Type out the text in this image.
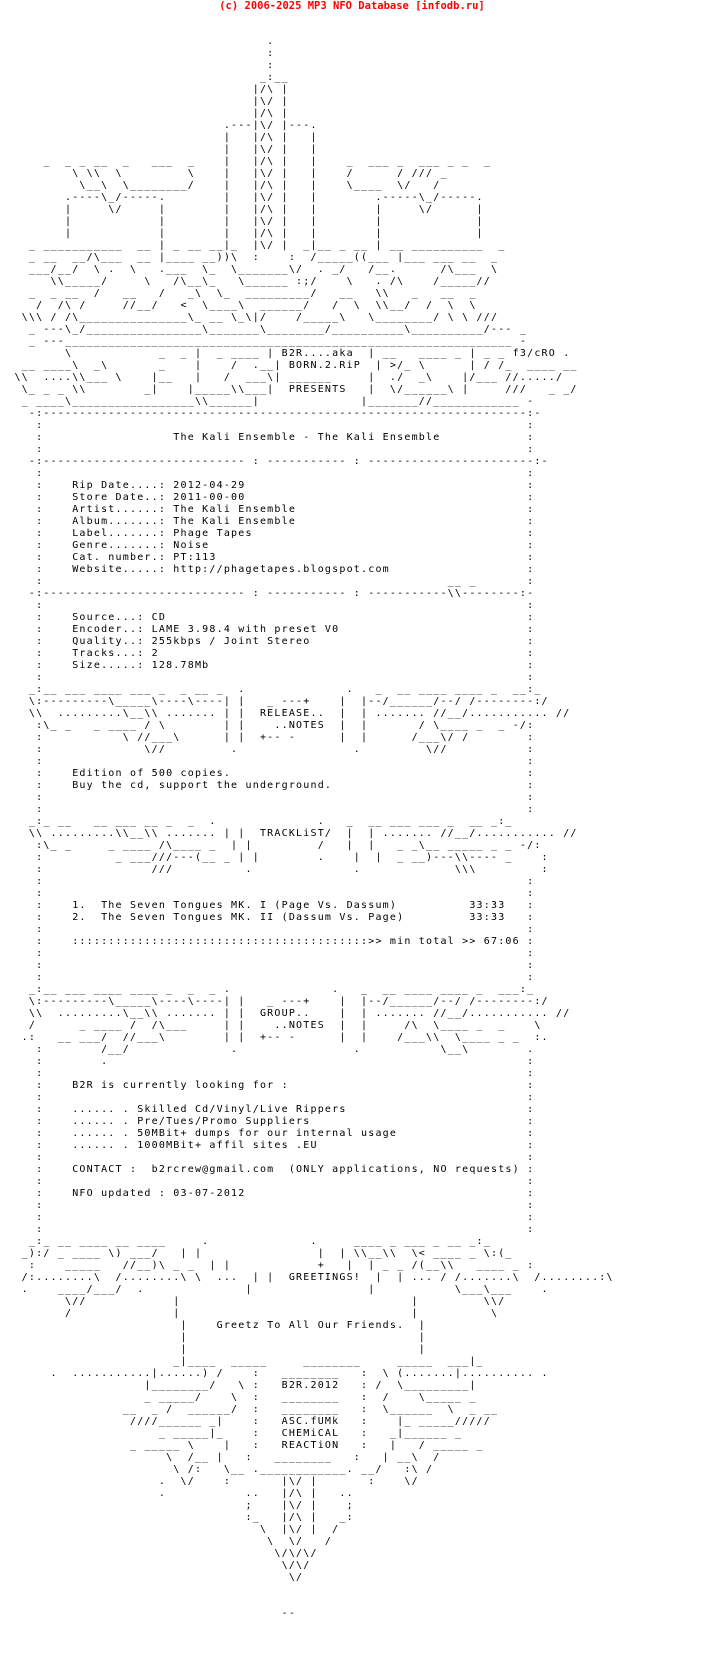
(c) 2006-2025 MP3 NFO Database [infodb.ru]

.
:
:
_:__
|/\ |
|\/ |
|/\ |
.---|\/ |---.
|   |/\ |   |
|   |\/ |   |
_  _ _ __  _   ___  _    |   |/\ |   |    _  ___ _  ___ _ _  _
\ \\  \         \    |   |\/ |   |    /      / /// _
\__\  \________/    |   |/\ |   |    \____  \/   /
.----\_/-----.        |   |\/ |   |        .-----\_/-----.
|     \/     |        |   |/\ |   |        |     \/      |
|            |        |   |\/ |   |        |             |
|            |        |   |/\ |   |        |             |
_ ___________  __ | _ __ __|_  |\/ |  _|__ _ __ | __ __________  _
_ __  __/\___  __ |____ __))\  :    :  /_____((___ |___ ___ __  _
___/__/  \ .  \   .___  \_  \_______\/  . _/   /__.      /\___  \
\\_____/     \   /\__\_   \______ :;/    \   . /\    /_____//
_  _ __  /   __   /   _\  \_  _________/   __   \\   _   __  _
/  /\ /     //__/   <  \____\  ______/   /  \  \\__/  /  \  \
\\\ / /\_______________\_ __ \_\|/    /_____\   \________/ \ \ ///
_ ---\_/________________\_______\________/__________\__________/--- _
_ ---______________________________________________________________ -
\            _  _ |  _ ____ | B2R....aka  | __   ____ _ | _ _ f3/cRO .
__ ____\  _\       _    |    /  .__| BORN.2.RiP  | >/_ \      | / /_  ____ __
\\  ....\\___ \    |__   |   /  ___\| ______     |  ./  _\    |/___ //...../
\_ _ _ \\        _|    |_____\\___|  PRESENTS   |  \/______\ |     ///   _ _/
_ ____\_________________\\______|              |_______//____________ -
-:-------------------------------------------------------------------:-
:                                                                   :
:                  The Kali Ensemble - The Kali Ensemble            :
:                                                                   :
-:---------------------------- : ----------- : -----------------------:-
:                                                                   :
:    Rip Date....: 2012-04-29                                       :
:    Store Date..: 2011-00-00                                       :
:    Artist......: The Kali Ensemble                                :
:    Album.......: The Kali Ensemble                                :
:    Label.......: Phage Tapes                                      :
:    Genre.......: Noise                                            :
:    Cat. number.: PT:113                                           :
:    Website.....: http://phagetapes.blogspot.com                   :
:                                                        __ _       :
-:---------------------------- : ----------- : -----------\\--------:-
:                                                                   :
:    Source...: CD                                                  :
:    Encoder..: LAME 3.98.4 with preset V0                          :
:    Quality..: 255kbps / Joint Stereo                              :
:    Tracks...: 2                                                   :
:    Size.....: 128.78Mb                                            :
:                                                                   :
_:__ ___ ____ ___ _  _ __ _  .              .   _  __ ____ ____ _  __:_
\:---------\_____\----\----| |   _ ---+    |  |--/______/--/ /--------:/
\\  .........\__\\ ....... | |  RELEASE..  |  | ....... //__/........... //
:\_ _   _ ____ / \        | |    ..NOTES  |  |       / \____ _  _ -/:
:           \ //___\      | |  +-- -      |  |      /___\/ /        :
:              \//         .                .         \//           :
:                                                                   :
:    Edition of 500 copies.                                         :
:    Buy the cd, support the underground.                           :
:                                                                   :
:                                                                   :
_:_ __   __ ___ __ _  _  .              .   _  __ ___ ___ _  __ _:_
\\ .........\\__\\ ....... | |  TRACKLiST/  |  | ....... //__/........... //
:\_ _     _ ____ /\____ _  | |         /   |  |   _ _\__ _____ _ _ -/:
:          _ ___///---(__ _ | |        .    |  |  _ __)---\\---- _    :
:               ///          .              .             \\\         :
:                                                                   :
:                                                                   :
:    1.  The Seven Tongues MK. I (Page Vs. Dassum)          33:33   :
:    2.  The Seven Tongues MK. II (Dassum Vs. Page)         33:33   :
:                                                                   :
:    :::::::::::::::::::::::::::::::::::::::::>> min total >> 67:06 :
:                                                                   :
:                                                                   :
:                                                                   :
_:__ ___ ____ ____ _  _  _ .              .   _  __ ____ ____ _  ___:_
\:---------\_____\----\----| |   _ ---+    |  |--/______/--/ /--------:/
\\  .........\__\\ ....... | |  GROUP..    |  | ....... //__/........... //
/      _ ____ /  /\___     | |    ..NOTES  |  |     /\  \____ _  _    \
.:   __ ___/  //___\        | |  +-- -      |  |    /___\\  \____ _ _  :.
:        /__/              .                .           \__\        .
:        .                                                          :
:                                                                   :
:    B2R is currently looking for :                                 :
:                                                                   :
:    ...... . Skilled Cd/Vinyl/Live Rippers                         :
:    ...... . Pre/Tues/Promo Suppliers                              :
:    ...... . 50MBit+ dumps for our internal usage                  :
:    ...... . 1000MBit+ affil sites .EU                             :
:                                                                   :
:    CONTACT :  b2rcrew@gmail.com  (ONLY applications, NO requests) :
:                                                                   :
:    NFO updated : 03-07-2012                                       :
:                                                                   :
:                                                                   :
:                                                                   :
_:_ __ ____ __ ____     .              .     ____ _ ___ _ __ _:_
_):/ _ ____ \) ___/   | |                |  | \\__\\  \< ____ _ \:(_
:    _____   //__)\ _ _  | |            +   |  | _ _ /(__\\   ____ _ :
/:........\  /........\ \  ...  | |  GREETINGS!  |  | ... / /.......\  /........:\
.    ____/___/  .              |                |           \___\___    .
\//            |                                |         \\/
/              |                                |          \
|    Greetz To All Our Friends.  |
|                                |
|                                |
_|____  _____     ________     _____  ___|_
.  ...........|......) /    :   ________   :  \ (.......|.......... .
|________/   \ :   B2R.2012   : /  \_________|
_ _____/    \  :   ________   :  /    \_____ _
__  _ /  ______/  :   ________   :  \______  \  _ __
////______ _|    :   ASC.fUMk   :    |_ _____/////
_ _____|_    :   CHEMiCAL   :   _|______ _
_ _____ \    |   :   REACTiON   :   |   / _____ _
\  /__ |   :   ________   :   | __\  /
\ /:   \__ .____________. __/   :\ /
.  \/    :       |\/ |       :    \/
.           ..   |/\ |   ..
;    |\/ |    ;
:_   |/\ |   _:
\  |\/ |  /
\  \/   /
\/\/\/
\/\/
\/

--
